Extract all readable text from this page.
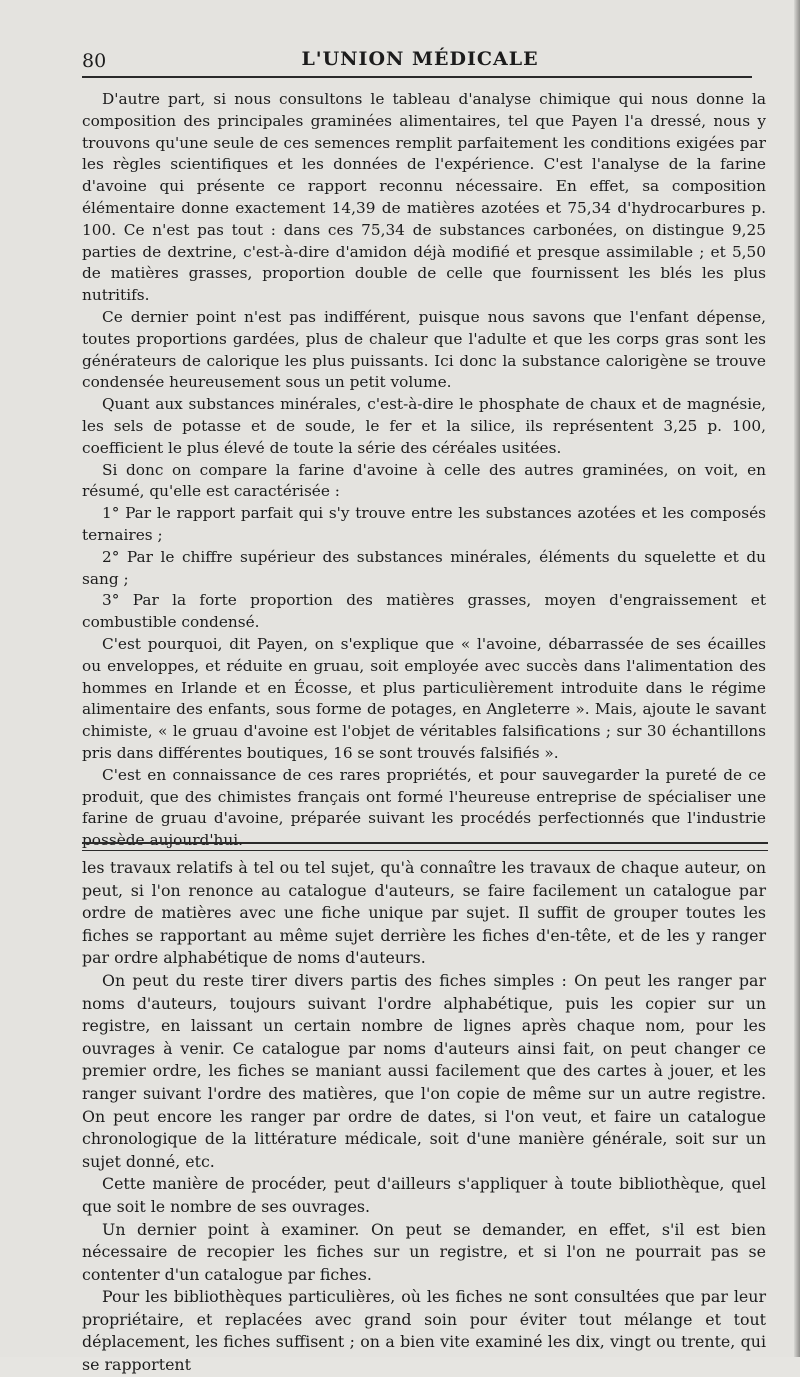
80	L'UNION MÉDICALE

D'autre part, si nous consultons le tableau d'analyse chimique qui nous donne la composition des principales graminées alimentaires, tel que Payen l'a dressé, nous y trouvons qu'une seule de ces semences remplit parfaitement les conditions exigées par les règles scientifiques et les données de l'expérience. C'est l'analyse de la farine d'avoine qui présente ce rapport reconnu nécessaire. En effet, sa composition élémentaire donne exactement 14,39 de matières azotées et 75,34 d'hydrocarbures p. 100. Ce n'est pas tout : dans ces 75,34 de substances carbonées, on distingue 9,25 parties de dextrine, c'est-à-dire d'amidon déjà modifié et presque assimilable ; et 5,50 de matières grasses, proportion double de celle que fournissent les blés les plus nutritifs.

Ce dernier point n'est pas indifférent, puisque nous savons que l'enfant dépense, toutes proportions gardées, plus de chaleur que l'adulte et que les corps gras sont les générateurs de calorique les plus puissants. Ici donc la substance calorigène se trouve condensée heureusement sous un petit volume.

Quant aux substances minérales, c'est-à-dire le phosphate de chaux et de magnésie, les sels de potasse et de soude, le fer et la silice, ils représentent 3,25 p. 100, coefficient le plus élevé de toute la série des céréales usitées.

Si donc on compare la farine d'avoine à celle des autres graminées, on voit, en résumé, qu'elle est caractérisée :

1° Par le rapport parfait qui s'y trouve entre les substances azotées et les composés ternaires ;

2° Par le chiffre supérieur des substances minérales, éléments du squelette et du sang ;

3° Par la forte proportion des matières grasses, moyen d'engraissement et combustible condensé.

C'est pourquoi, dit Payen, on s'explique que « l'avoine, débarrassée de ses écailles ou enveloppes, et réduite en gruau, soit employée avec succès dans l'alimentation des hommes en Irlande et en Écosse, et plus particulièrement introduite dans le régime alimentaire des enfants, sous forme de potages, en Angleterre ». Mais, ajoute le savant chimiste, « le gruau d'avoine est l'objet de véritables falsifications ; sur 30 échantillons pris dans différentes boutiques, 16 se sont trouvés falsifiés ».

C'est en connaissance de ces rares propriétés, et pour sauvegarder la pureté de ce produit, que des chimistes français ont formé l'heureuse entreprise de spécialiser une farine de gruau d'avoine, préparée suivant les procédés perfectionnés que l'industrie possède aujourd'hui.

les travaux relatifs à tel ou tel sujet, qu'à connaître les travaux de chaque auteur, on peut, si l'on renonce au catalogue d'auteurs, se faire facilement un catalogue par ordre de matières avec une fiche unique par sujet. Il suffit de grouper toutes les fiches se rapportant au même sujet derrière les fiches d'en-tête, et de les y ranger par ordre alphabétique de noms d'auteurs.

On peut du reste tirer divers partis des fiches simples : On peut les ranger par noms d'auteurs, toujours suivant l'ordre alphabétique, puis les copier sur un registre, en laissant un certain nombre de lignes après chaque nom, pour les ouvrages à venir. Ce catalogue par noms d'auteurs ainsi fait, on peut changer ce premier ordre, les fiches se maniant aussi facilement que des cartes à jouer, et les ranger suivant l'ordre des matières, que l'on copie de même sur un autre registre. On peut encore les ranger par ordre de dates, si l'on veut, et faire un catalogue chronologique de la littérature médicale, soit d'une manière générale, soit sur un sujet donné, etc.

Cette manière de procéder, peut d'ailleurs s'appliquer à toute bibliothèque, quel que soit le nombre de ses ouvrages.

Un dernier point à examiner. On peut se demander, en effet, s'il est bien nécessaire de recopier les fiches sur un registre, et si l'on ne pourrait pas se contenter d'un catalogue par fiches.

Pour les bibliothèques particulières, où les fiches ne sont consultées que par leur propriétaire, et replacées avec grand soin pour éviter tout mélange et tout déplacement, les fiches suffisent ; on a bien vite examiné les dix, vingt ou trente, qui se rapportent
